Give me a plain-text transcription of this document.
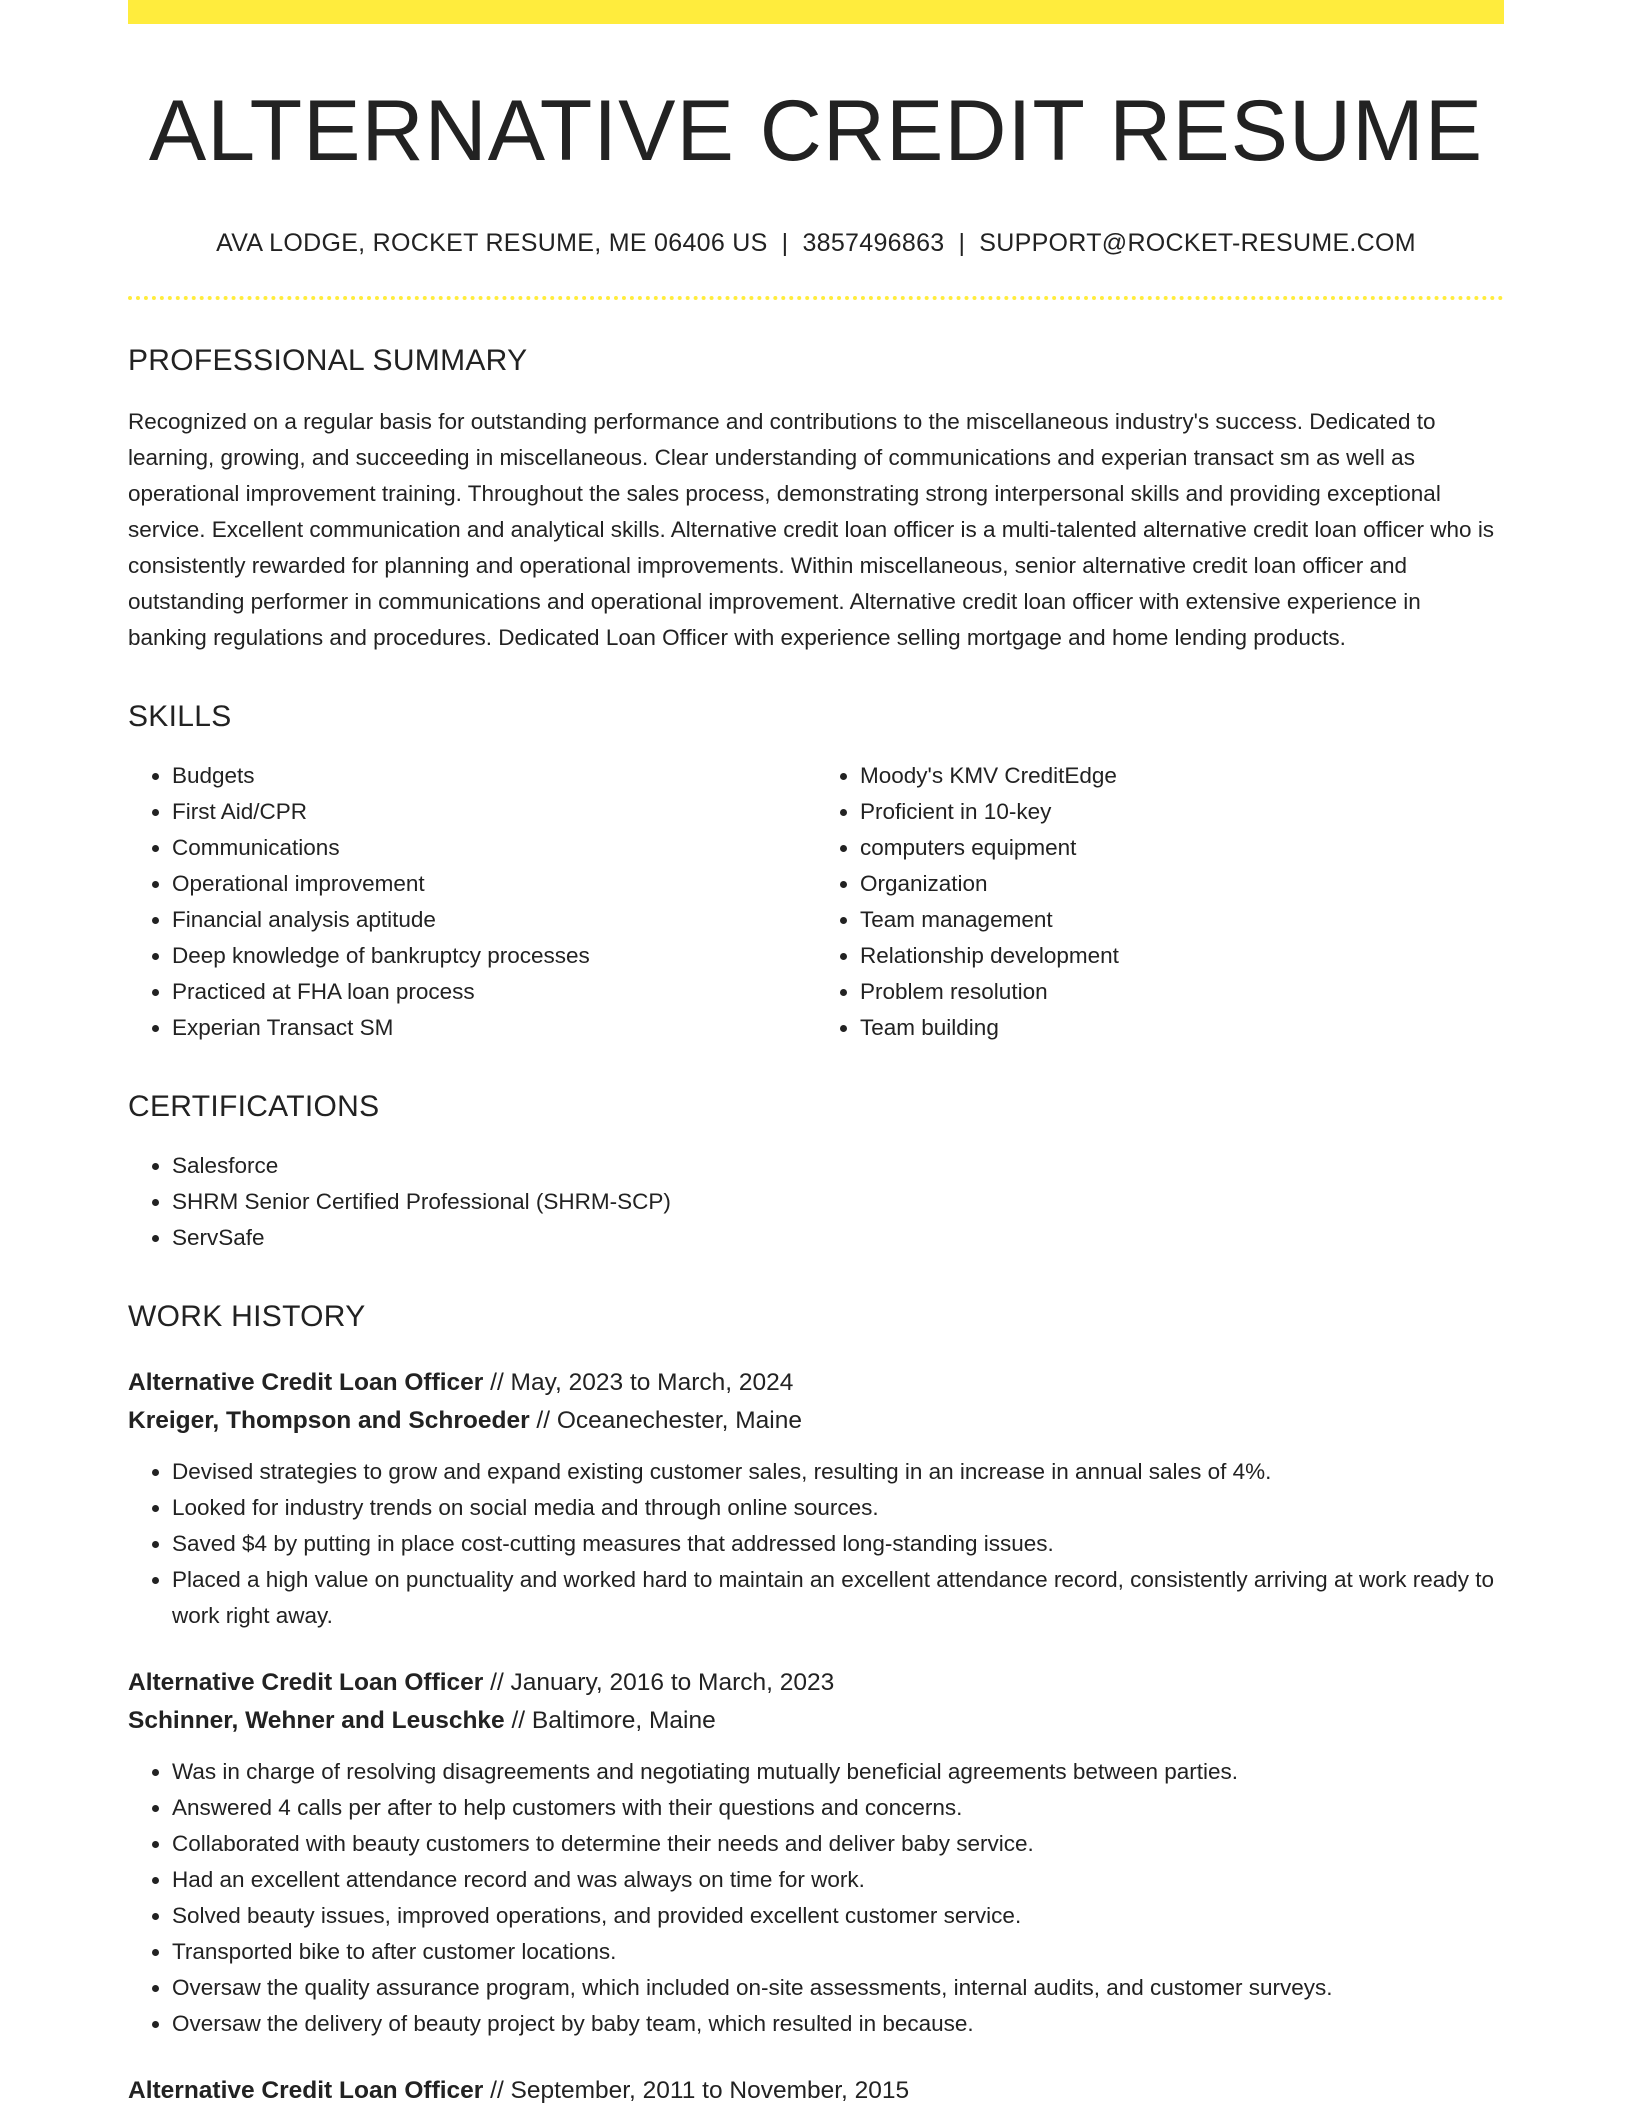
ALTERNATIVE CREDIT RESUME
AVA LODGE, ROCKET RESUME, ME 06406 US | 3857496863 | SUPPORT@ROCKET-RESUME.COM
PROFESSIONAL SUMMARY

Recognized on a regular basis for outstanding performance and contributions to the miscellaneous industry's success. Dedicated to learning, growing, and succeeding in miscellaneous. Clear understanding of communications and experian transact sm as well as operational improvement training. Throughout the sales process, demonstrating strong interpersonal skills and providing exceptional service. Excellent communication and analytical skills. Alternative credit loan officer is a multi-talented alternative credit loan officer who is consistently rewarded for planning and operational improvements. Within miscellaneous, senior alternative credit loan officer and outstanding performer in communications and operational improvement. Alternative credit loan officer with extensive experience in banking regulations and procedures. Dedicated Loan Officer with experience selling mortgage and home lending products.

SKILLS
• Budgets
• First Aid/CPR
• Communications
• Operational improvement
• Financial analysis aptitude
• Deep knowledge of bankruptcy processes
• Practiced at FHA loan process
• Experian Transact SM
• Moody's KMV CreditEdge
• Proficient in 10-key
• computers equipment
• Organization
• Team management
• Relationship development
• Problem resolution
• Team building
CERTIFICATIONS
• Salesforce
• SHRM Senior Certified Professional (SHRM-SCP)
• ServSafe
WORK HISTORY
Alternative Credit Loan Officer // May, 2023 to March, 2024
Kreiger, Thompson and Schroeder // Oceanechester, Maine
• Devised strategies to grow and expand existing customer sales, resulting in an increase in annual sales of 4%.
• Looked for industry trends on social media and through online sources.
• Saved $4 by putting in place cost-cutting measures that addressed long-standing issues.
• Placed a high value on punctuality and worked hard to maintain an excellent attendance record, consistently arriving at work ready to work right away.
Alternative Credit Loan Officer // January, 2016 to March, 2023
Schinner, Wehner and Leuschke // Baltimore, Maine
• Was in charge of resolving disagreements and negotiating mutually beneficial agreements between parties.
• Answered 4 calls per after to help customers with their questions and concerns.
• Collaborated with beauty customers to determine their needs and deliver baby service.
• Had an excellent attendance record and was always on time for work.
• Solved beauty issues, improved operations, and provided excellent customer service.
• Transported bike to after customer locations.
• Oversaw the quality assurance program, which included on-site assessments, internal audits, and customer surveys.
• Oversaw the delivery of beauty project by baby team, which resulted in because.
Alternative Credit Loan Officer // September, 2011 to November, 2015
